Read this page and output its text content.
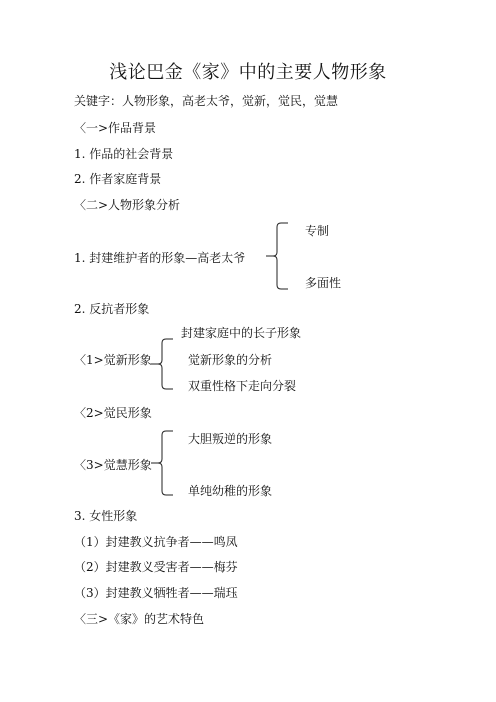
浅论巴金《家》中的主要人物形象
关键字：人物形象，高老太爷，觉新，觉民，觉慧
〈一>作品背景
1. 作品的社会背景
2. 作者家庭背景
〈二>人物形象分析
专制
1. 封建维护者的形象—高老太爷
多面性
2. 反抗者形象
封建家庭中的长子形象
〈1>觉新形象	觉新形象的分析
双重性格下走向分裂
〈2>觉民形象
大胆叛逆的形象
〈3>觉慧形象
单纯幼稚的形象
3. 女性形象
（1）封建教义抗争者——鸣凤
（2）封建教义受害者——梅芬
（3）封建教义牺牲者——瑞珏
〈三>《家》的艺术特色
